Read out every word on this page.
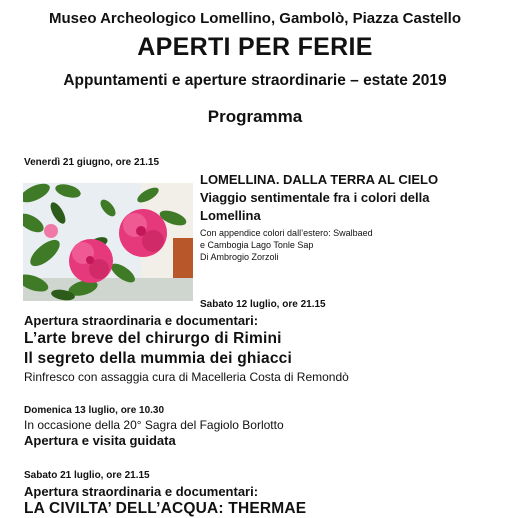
Museo Archeologico Lomellino, Gambolò, Piazza Castello
APERTI PER FERIE
Appuntamenti e aperture straordinarie – estate 2019
Programma
Venerdì 21 giugno, ore 21.15
LOMELLINA. DALLA TERRA AL CIELO
Viaggio sentimentale fra i colori della
Lomellina
Con appendice colori dall’estero: Swalbaed
e Cambogia Lago Tonle Sap
Di Ambrogio Zorzoli
Sabato 12 luglio, ore 21.15
Apertura straordinaria e documentari:
L’arte breve del chirurgo di Rimini
Il segreto della mummia dei ghiacci
Rinfresco con assaggia cura di Macelleria Costa di Remondò
Domenica 13 luglio, ore 10.30
In occasione della 20° Sagra del Fagiolo Borlotto
Apertura e visita guidata
Sabato 21 luglio, ore 21.15
Apertura straordinaria e documentari:
LA CIVILTA’ DELL’ACQUA: THERMAE
